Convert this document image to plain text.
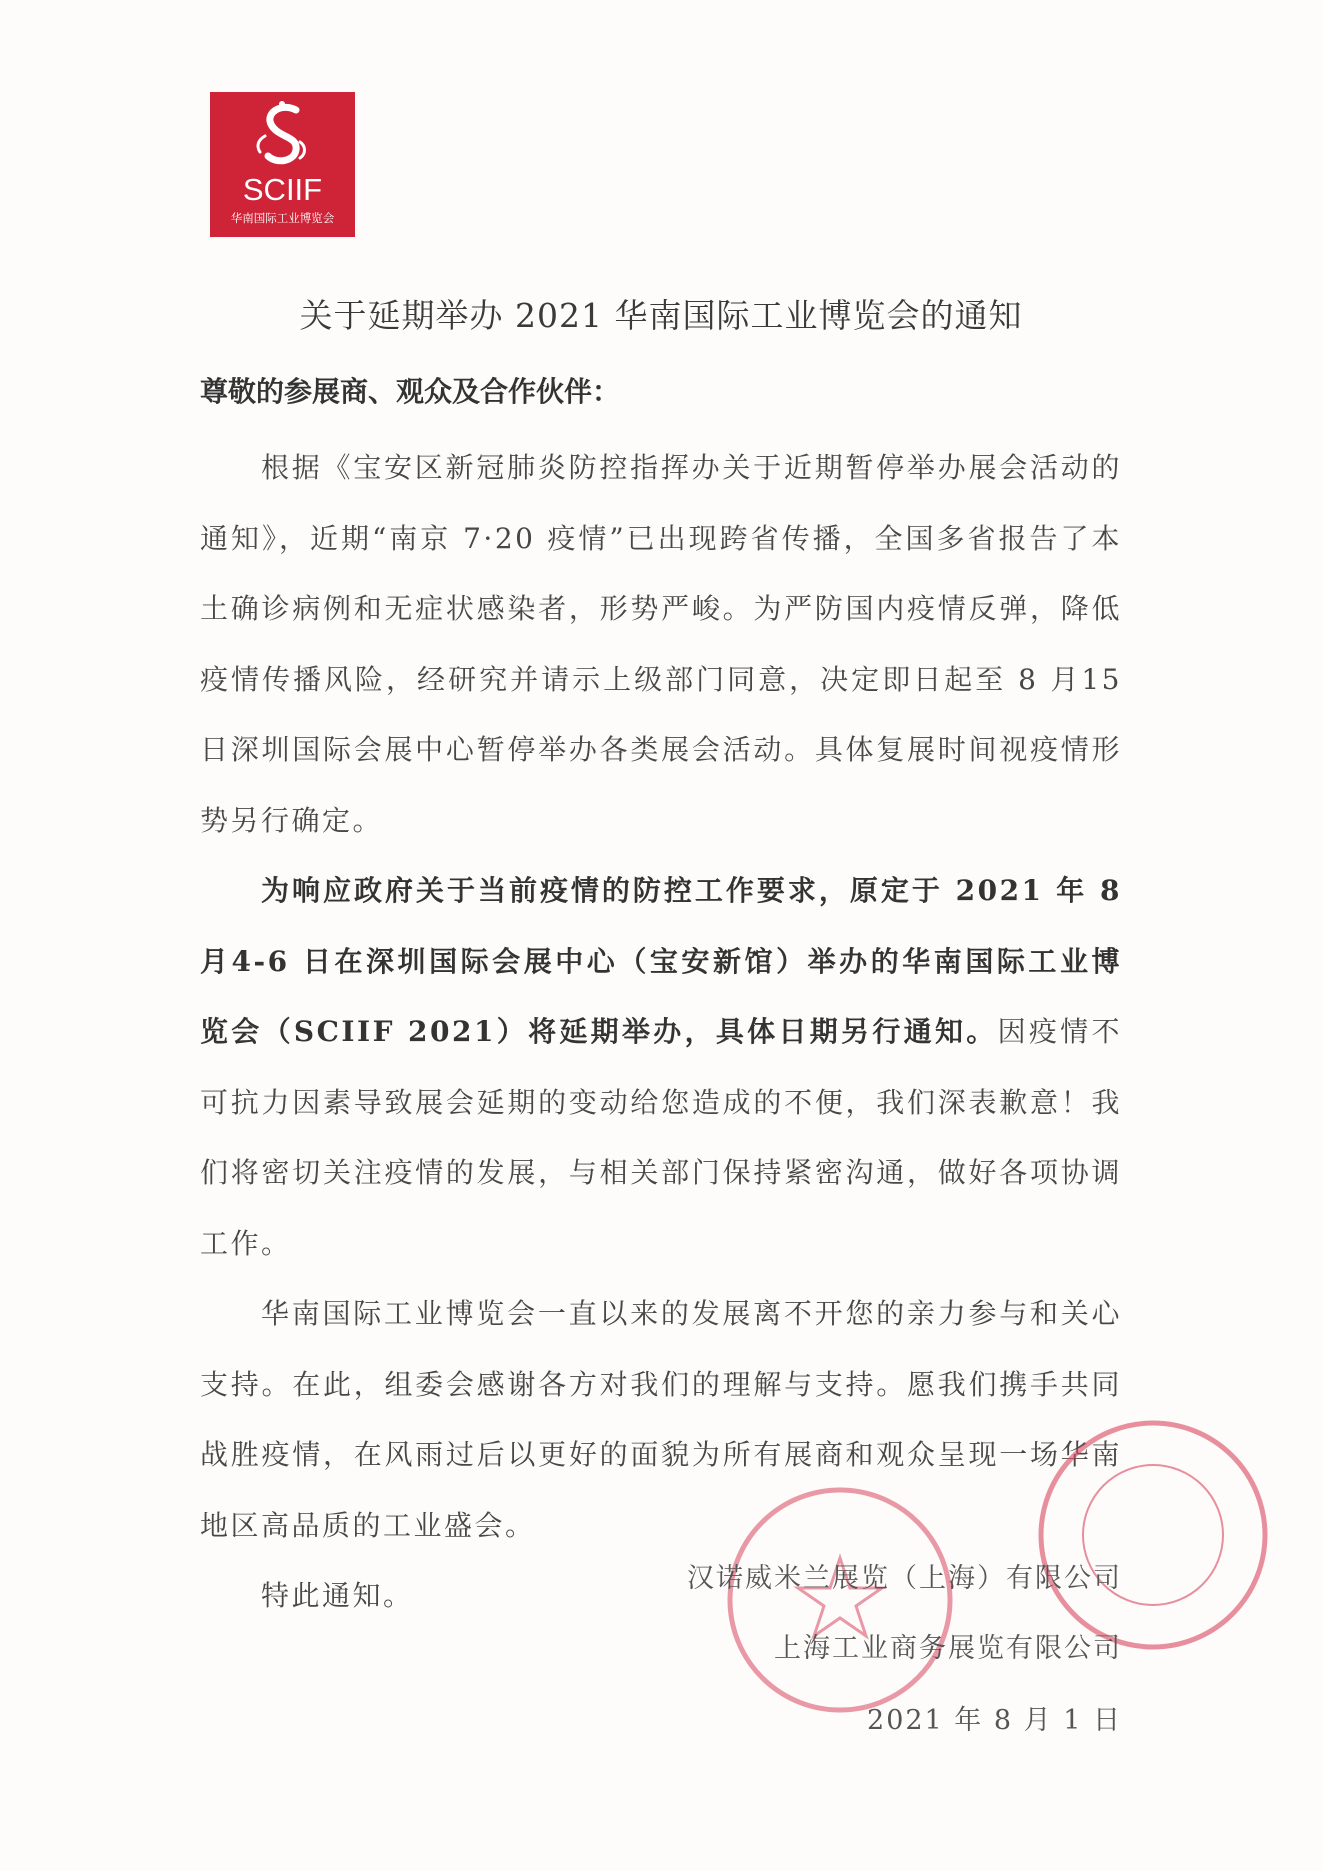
SCIIF
华南国际工业博览会
关于延期举办 2021 华南国际工业博览会的通知
尊敬的参展商、观众及合作伙伴：

根据《宝安区新冠肺炎防控指挥办关于近期暂停举办展会活动的通知》，近期“南京 7·20 疫情”已出现跨省传播，全国多省报告了本土确诊病例和无症状感染者，形势严峻。为严防国内疫情反弹，降低疫情传播风险，经研究并请示上级部门同意，决定即日起至 8 月15 日深圳国际会展中心暂停举办各类展会活动。具体复展时间视疫情形势另行确定。

为响应政府关于当前疫情的防控工作要求，原定于 2021 年 8 月4-6 日在深圳国际会展中心（宝安新馆）举办的华南国际工业博览会（SCIIF 2021）将延期举办，具体日期另行通知。因疫情不可抗力因素导致展会延期的变动给您造成的不便，我们深表歉意！我们将密切关注疫情的发展，与相关部门保持紧密沟通，做好各项协调工作。

华南国际工业博览会一直以来的发展离不开您的亲力参与和关心支持。在此，组委会感谢各方对我们的理解与支持。愿我们携手共同战胜疫情，在风雨过后以更好的面貌为所有展商和观众呈现一场华南地区高品质的工业盛会。

特此通知。

汉诺威米兰展览（上海）有限公司
上海工业商务展览有限公司
2021 年 8 月 1 日
